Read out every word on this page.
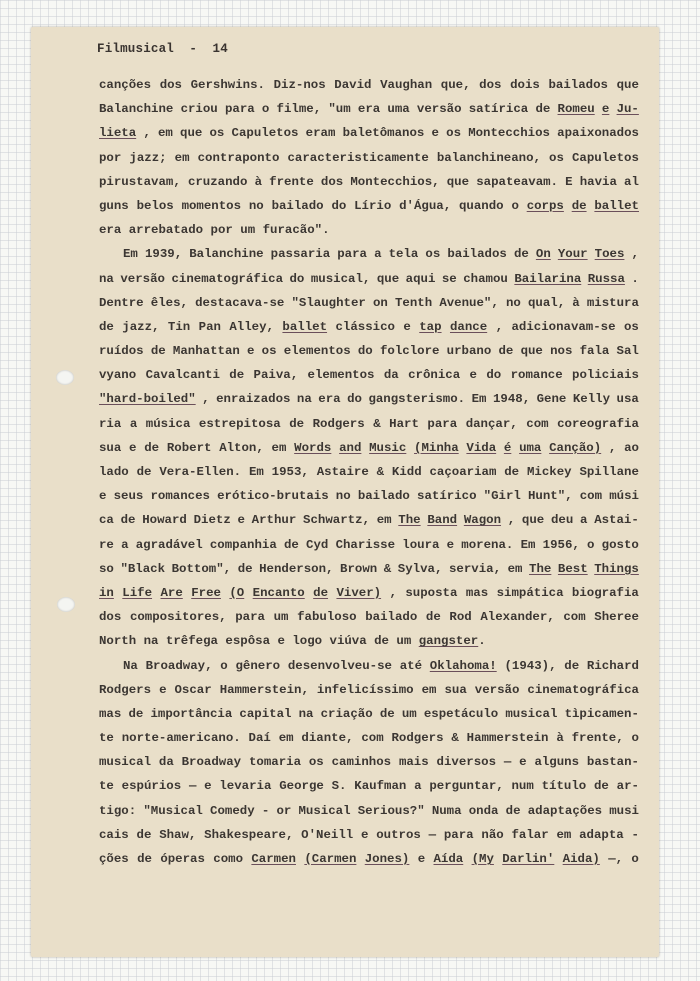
Filmusical  -  14
canções dos Gershwins. Diz-nos David Vaughan que, dos dois bailados que
Balanchine criou para o filme, "um era uma versão satírica de Romeu e Ju-
lieta , em que os Capuletos eram baletômanos e os Montecchios apaixonados
por jazz; em contraponto caracteristicamente balanchineano, os Capuletos
pirustavam, cruzando à frente dos Montecchios, que sapateavam. E havia al
guns belos momentos no bailado do Lírio d'Água, quando o corps de ballet
era arrebatado por um furacão".
Em 1939, Balanchine passaria para a tela os bailados de On Your Toes ,
na versão cinematográfica do musical, que aqui se chamou Bailarina Russa .
Dentre êles, destacava-se "Slaughter on Tenth Avenue", no qual, à mistura
de jazz, Tin Pan Alley, ballet clássico e tap dance , adicionavam-se os
ruídos de Manhattan e os elementos do folclore urbano de que nos fala Sal
vyano Cavalcanti de Paiva, elementos da crônica e do romance policiais
"hard-boiled" , enraizados na era do gangsterismo. Em 1948, Gene Kelly usa
ria a música estrepitosa de Rodgers & Hart para dançar, com coreografia
sua e de Robert Alton, em Words and Music (Minha Vida é uma Canção) , ao
lado de Vera-Ellen. Em 1953, Astaire & Kidd caçoariam de Mickey Spillane
e seus romances erótico-brutais no bailado satírico "Girl Hunt", com músi
ca de Howard Dietz e Arthur Schwartz, em The Band Wagon , que deu a Astai-
re a agradável companhia de Cyd Charisse loura e morena. Em 1956, o gosto
so "Black Bottom", de Henderson, Brown & Sylva, servia, em The Best Things
in Life Are Free (O Encanto de Viver) , suposta mas simpática biografia
dos compositores, para um fabuloso bailado de Rod Alexander, com Sheree
North na trêfega espôsa e logo viúva de um gangster.
Na Broadway, o gênero desenvolveu-se até Oklahoma! (1943), de Richard
Rodgers e Oscar Hammerstein, infelicíssimo em sua versão cinematográfica
mas de importância capital na criação de um espetáculo musical tìpicamen-
te norte-americano. Daí em diante, com Rodgers & Hammerstein à frente, o
musical da Broadway tomaria os caminhos mais diversos — e alguns bastan-
te espúrios — e levaria George S. Kaufman a perguntar, num título de ar-
tigo: "Musical Comedy - or Musical Serious?" Numa onda de adaptações musi
cais de Shaw, Shakespeare, O'Neill e outros — para não falar em adapta -
ções de óperas como Carmen (Carmen Jones) e Aída (My Darlin' Aida) —, o
